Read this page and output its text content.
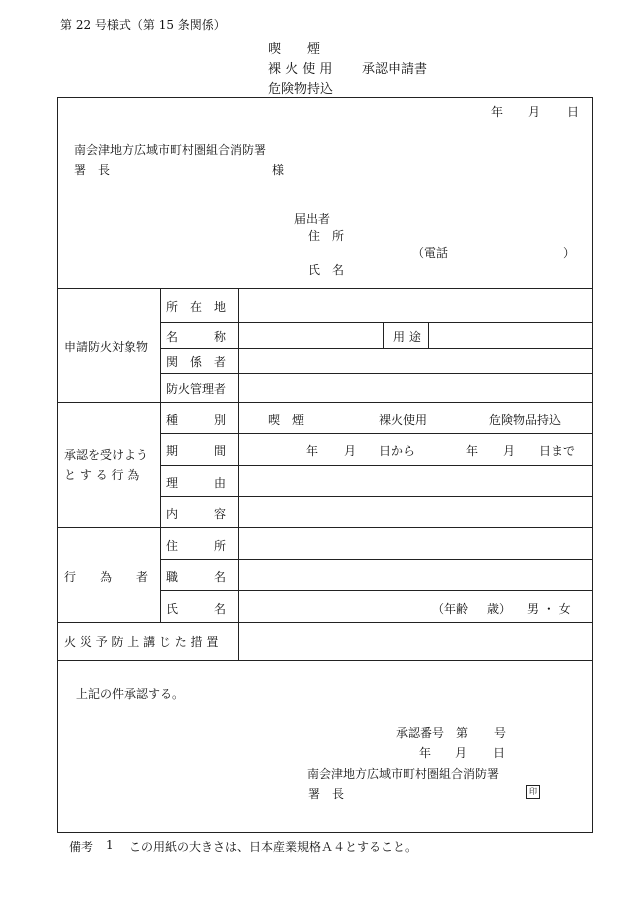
第 22 号様式（第 15 条関係）
喫　　煙
裸 火 使 用
危険物持込
承認申請書
年 月 日
南会津地方広域市町村圏組合消防署
署　長	様
届出者
住　所
（電話	）
氏　名
申請防火対象物
所　在　地
名　　　称	用 途
関　係　者
防火管理者
承認を受けよう
と す る 行 為
種　　　別	喫　煙	裸火使用	危険物品持込
期　　　間	年 月 日から	年 月 日まで
理　　　由
内　　　容
行　　為　　者
住　　　所
職　　　名
氏　　　名	（年齢 歳） 男 ・ 女
火 災 予 防 上 講 じ た 措 置
上記の件承認する。
承認番号 第 号
年 月 日
南会津地方広域市町村圏組合消防署
署　長	印
備考 1 この用紙の大きさは、日本産業規格Ａ４とすること。
